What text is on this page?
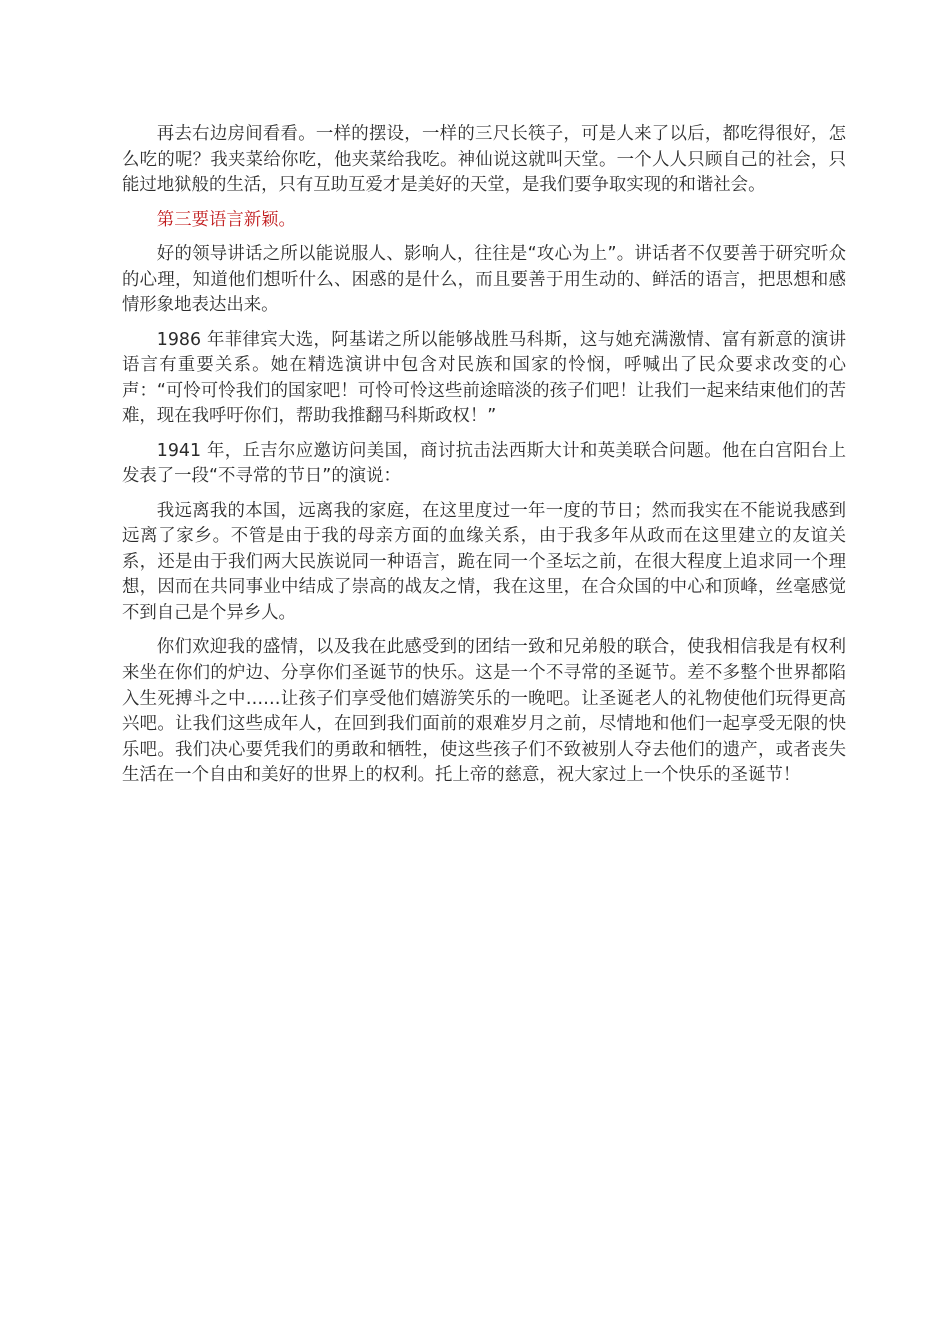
再去右边房间看看。一样的摆设，一样的三尺长筷子，可是人来了以后，都吃得很好，怎么吃的呢？我夹菜给你吃，他夹菜给我吃。神仙说这就叫天堂。一个人人只顾自己的社会，只能过地狱般的生活，只有互助互爱才是美好的天堂，是我们要争取实现的和谐社会。

第三要语言新颖。

好的领导讲话之所以能说服人、影响人，往往是“攻心为上”。讲话者不仅要善于研究听众的心理，知道他们想听什么、困惑的是什么，而且要善于用生动的、鲜活的语言，把思想和感情形象地表达出来。

1986 年菲律宾大选，阿基诺之所以能够战胜马科斯，这与她充满激情、富有新意的演讲语言有重要关系。她在精选演讲中包含对民族和国家的怜悯，呼喊出了民众要求改变的心声：“可怜可怜我们的国家吧！可怜可怜这些前途暗淡的孩子们吧！让我们一起来结束他们的苦难，现在我呼吁你们，帮助我推翻马科斯政权！”

1941 年，丘吉尔应邀访问美国，商讨抗击法西斯大计和英美联合问题。他在白宫阳台上发表了一段“不寻常的节日”的演说：

我远离我的本国，远离我的家庭，在这里度过一年一度的节日；然而我实在不能说我感到远离了家乡。不管是由于我的母亲方面的血缘关系，由于我多年从政而在这里建立的友谊关系，还是由于我们两大民族说同一种语言，跪在同一个圣坛之前，在很大程度上追求同一个理想，因而在共同事业中结成了崇高的战友之情，我在这里，在合众国的中心和顶峰，丝毫感觉不到自己是个异乡人。

你们欢迎我的盛情，以及我在此感受到的团结一致和兄弟般的联合，使我相信我是有权利来坐在你们的炉边、分享你们圣诞节的快乐。这是一个不寻常的圣诞节。差不多整个世界都陷入生死搏斗之中……让孩子们享受他们嬉游笑乐的一晚吧。让圣诞老人的礼物使他们玩得更高兴吧。让我们这些成年人，在回到我们面前的艰难岁月之前，尽情地和他们一起享受无限的快乐吧。我们决心要凭我们的勇敢和牺牲，使这些孩子们不致被别人夺去他们的遗产，或者丧失生活在一个自由和美好的世界上的权利。托上帝的慈意，祝大家过上一个快乐的圣诞节！
